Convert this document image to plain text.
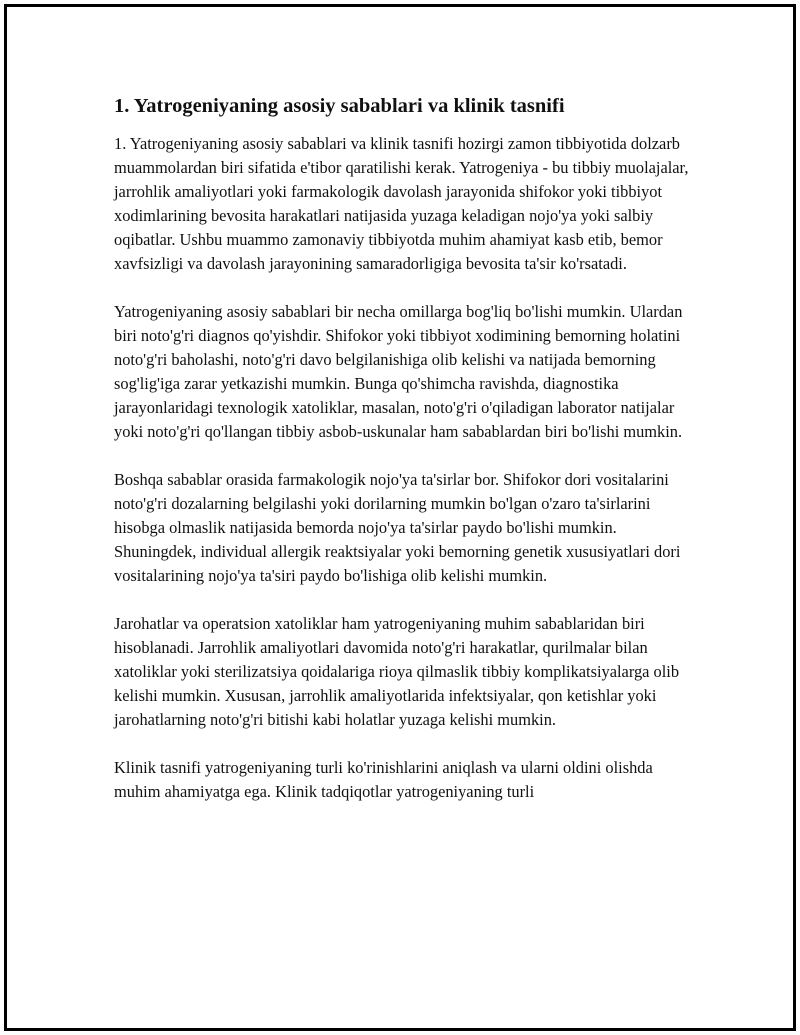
1. Yatrogeniyaning asosiy sabablari va klinik tasnifi

1. Yatrogeniyaning asosiy sabablari va klinik tasnifi hozirgi zamon tibbiyotida dolzarb muammolardan biri sifatida e'tibor qaratilishi kerak. Yatrogeniya - bu tibbiy muolajalar, jarrohlik amaliyotlari yoki farmakologik davolash jarayonida shifokor yoki tibbiyot xodimlarining bevosita harakatlari natijasida yuzaga keladigan nojo'ya yoki salbiy oqibatlar. Ushbu muammo zamonaviy tibbiyotda muhim ahamiyat kasb etib, bemor xavfsizligi va davolash jarayonining samaradorligiga bevosita ta'sir ko'rsatadi.

Yatrogeniyaning asosiy sabablari bir necha omillarga bog'liq bo'lishi mumkin. Ulardan biri noto'g'ri diagnos qo'yishdir. Shifokor yoki tibbiyot xodimining bemorning holatini noto'g'ri baholashi, noto'g'ri davo belgilanishiga olib kelishi va natijada bemorning sog'lig'iga zarar yetkazishi mumkin. Bunga qo'shimcha ravishda, diagnostika jarayonlaridagi texnologik xatoliklar, masalan, noto'g'ri o'qiladigan laborator natijalar yoki noto'g'ri qo'llangan tibbiy asbob-uskunalar ham sabablardan biri bo'lishi mumkin.

Boshqa sabablar orasida farmakologik nojo'ya ta'sirlar bor. Shifokor dori vositalarini noto'g'ri dozalarning belgilashi yoki dorilarning mumkin bo'lgan o'zaro ta'sirlarini hisobga olmaslik natijasida bemorda nojo'ya ta'sirlar paydo bo'lishi mumkin. Shuningdek, individual allergik reaktsiyalar yoki bemorning genetik xususiyatlari dori vositalarining nojo'ya ta'siri paydo bo'lishiga olib kelishi mumkin.

Jarohatlar va operatsion xatoliklar ham yatrogeniyaning muhim sabablaridan biri hisoblanadi. Jarrohlik amaliyotlari davomida noto'g'ri harakatlar, qurilmalar bilan xatoliklar yoki sterilizatsiya qoidalariga rioya qilmaslik tibbiy komplikatsiyalarga olib kelishi mumkin. Xususan, jarrohlik amaliyotlarida infektsiyalar, qon ketishlar yoki jarohatlarning noto'g'ri bitishi kabi holatlar yuzaga kelishi mumkin.

Klinik tasnifi yatrogeniyaning turli ko'rinishlarini aniqlash va ularni oldini olishda muhim ahamiyatga ega. Klinik tadqiqotlar yatrogeniyaning turli
